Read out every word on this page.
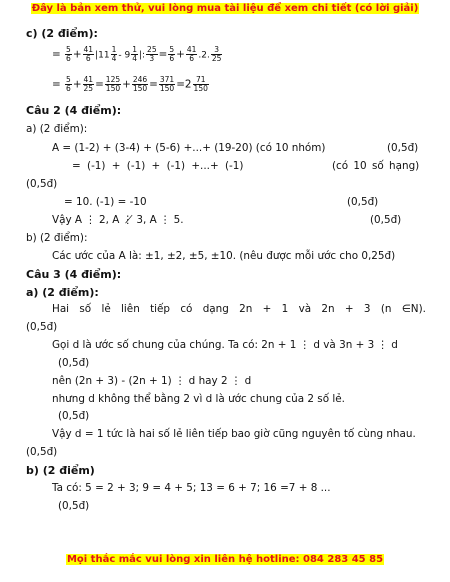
Đây là bản xem thử, vui lòng mua tài liệu để xem chi tiết (có lời giải)
c) (2 điểm):
= $\frac{5}{6} + \frac{41}{6} |11 \frac{1}{4} - 9 \frac{1}{4}$ |: $\frac{25}{3} = \frac{5}{6} + \frac{41}{6} .2$. $\frac{3}{25}$
= $\frac{5}{6} + \frac{41}{25} = \frac{125}{150} + \frac{246}{150} = \frac{371}{150} =2 \frac{71}{150}$
Câu 2 (4 điểm):
a) (2 điểm):
A = (1-2) + (3-4) + (5-6) +...+ (19-20) (có 10 nhóm)	(0,5đ)
= (-1) + (-1) + (-1) +...+ (-1)	(có 10 số hạng)
(0,5đ)
= 10. (-1) = -10	(0,5đ)
Vậy A ⋮ 2, A ⋮̸ 3, A ⋮ 5.	(0,5đ)
b) (2 điểm):
Các ước của A là: ±1, ±2, ±5, ±10. (nêu được mỗi ước cho 0,25đ)
Câu 3 (4 điểm):
a) (2 điểm):
Hai số lẻ liên tiếp có dạng 2n + 1 và 2n + 3 (n ∈N).
(0,5đ)
Gọi d là ước số chung của chúng. Ta có: 2n + 1 ⋮ d và 3n + 3 ⋮ d
(0,5đ)
nên (2n + 3) - (2n + 1) ⋮ d hay 2 ⋮ d
nhưng d không thể bằng 2 vì d là ước chung của 2 số lẻ.
(0,5đ)
Vậy d = 1 tức là hai số lẻ liên tiếp bao giờ cũng nguyên tố cùng nhau.
(0,5đ)
b) (2 điểm)
Ta có: 5 = 2 + 3; 9 = 4 + 5; 13 = 6 + 7; 16 =7 + 8 ...
(0,5đ)
Mọi thắc mắc vui lòng xin liên hệ hotline: 084 283 45 85
